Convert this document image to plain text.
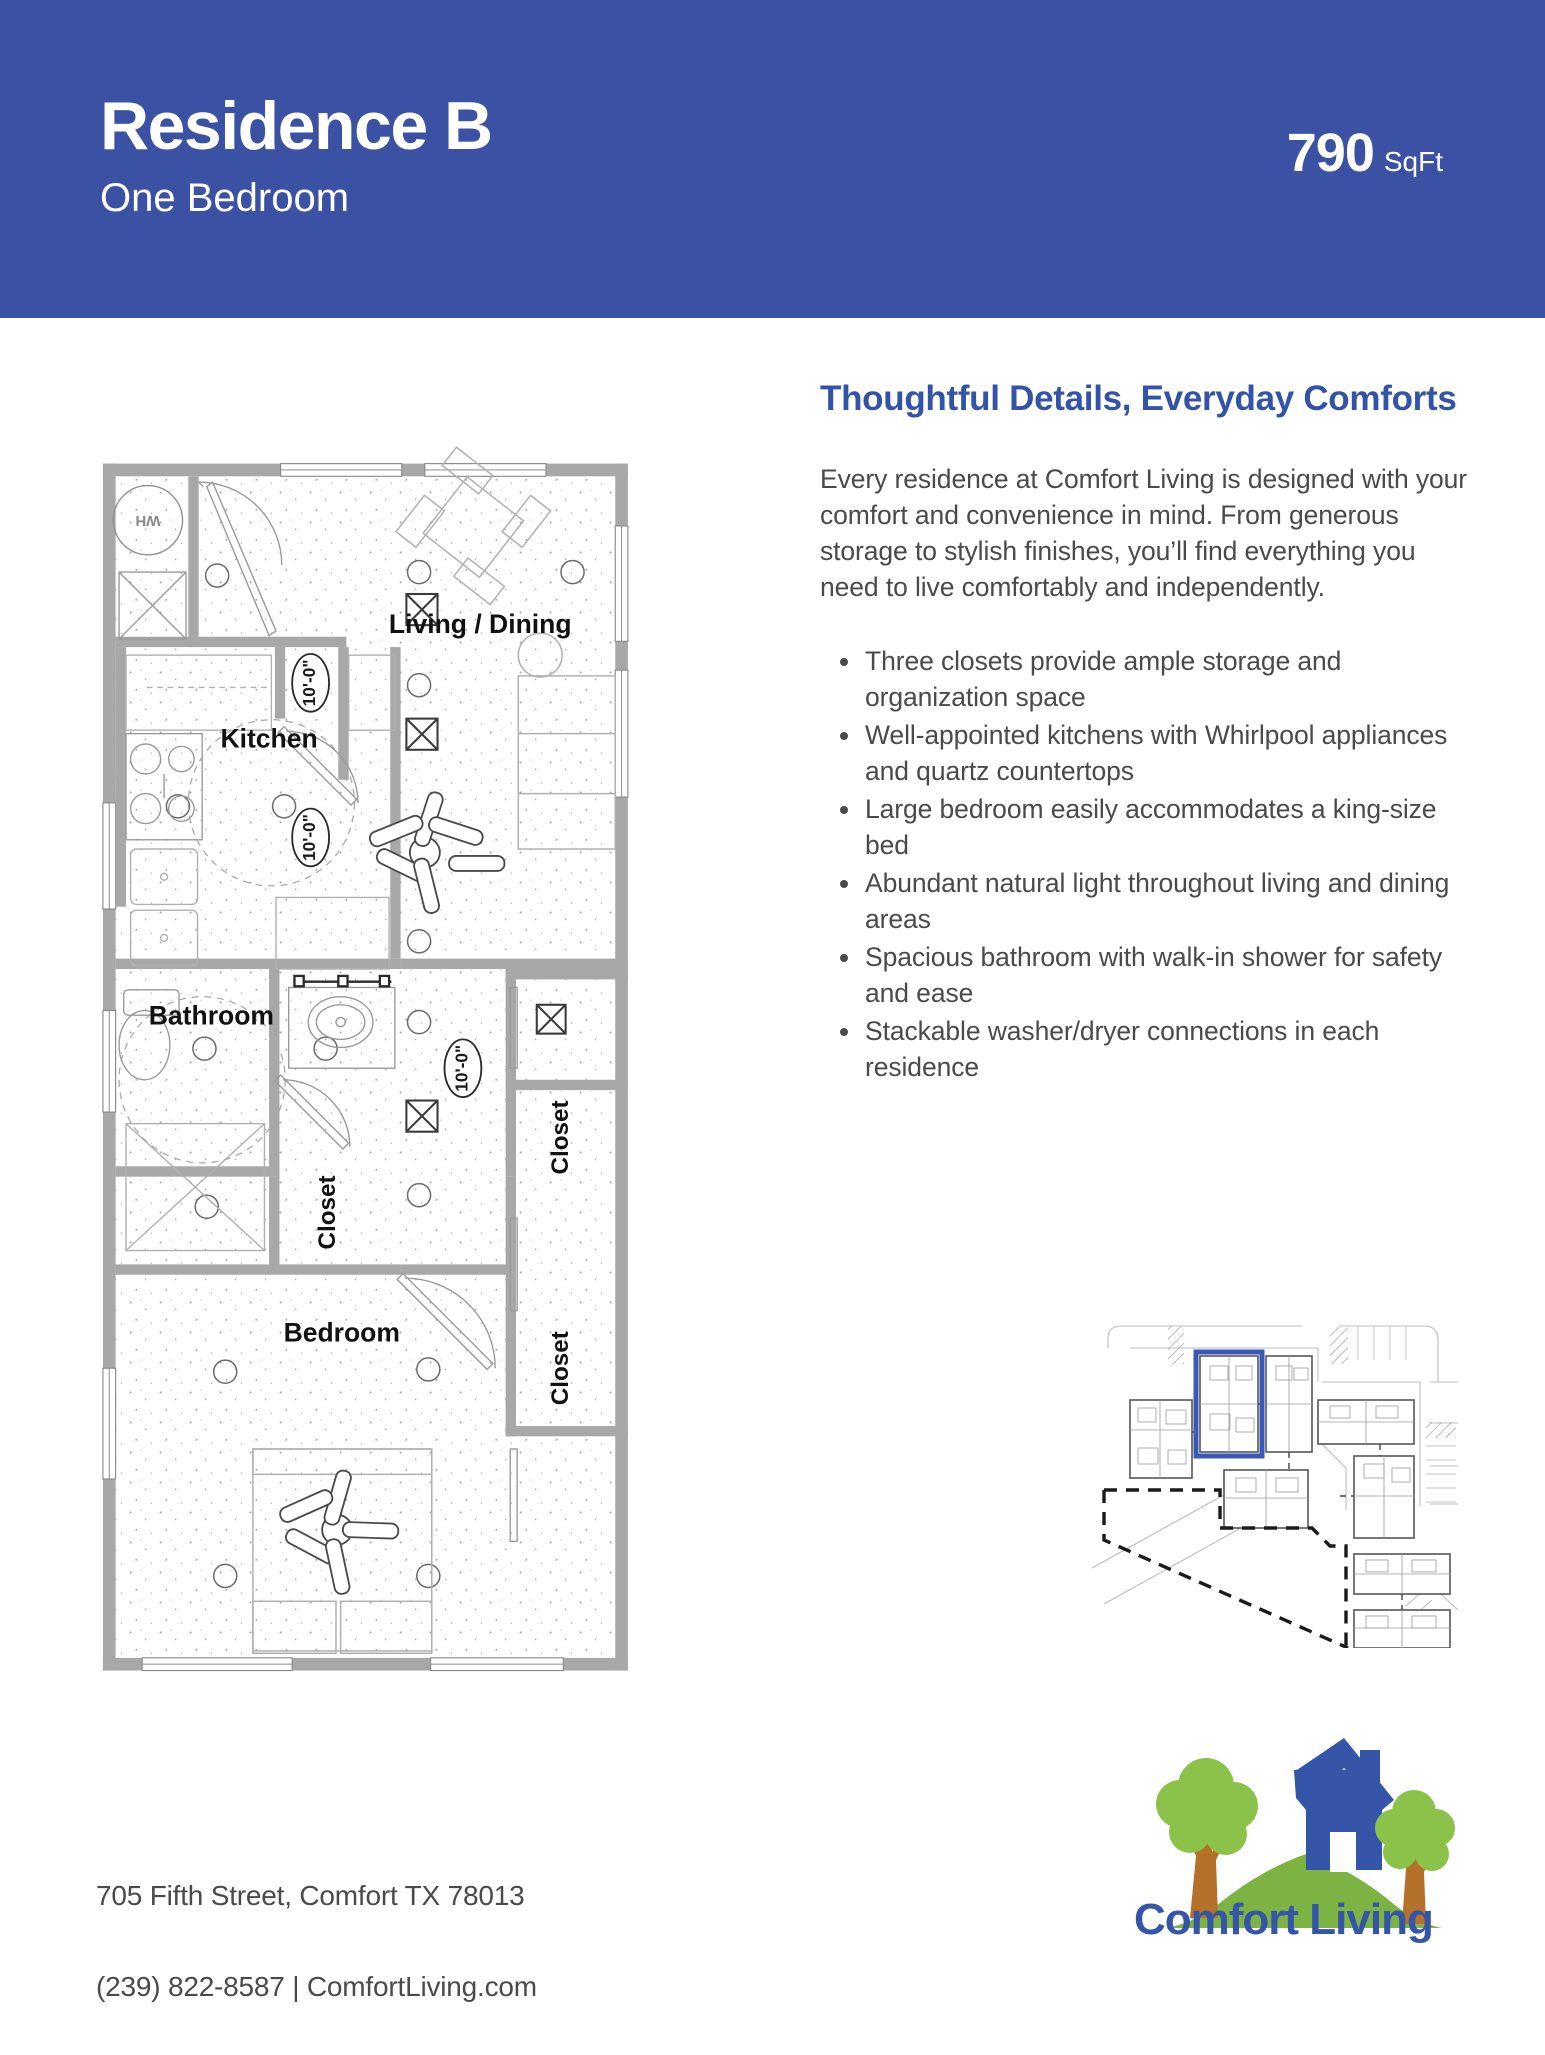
Residence B
One Bedroom
790 SqFt
WH
10'-0"
10'-0"
10'-0"
Living / Dining
Kitchen
Bathroom
Closet
Closet
Closet
Bedroom
Thoughtful Details, Everyday Comforts

Every residence at Comfort Living is designed with your comfort and convenience in mind. From generous storage to stylish finishes, you’ll find everything you need to live comfortably and independently.

Three closets provide ample storage and organization space
Well-appointed kitchens with Whirlpool appliances and quartz countertops
Large bedroom easily accommodates a king-size bed
Abundant natural light throughout living and dining areas
Spacious bathroom with walk-in shower for safety and ease
Stackable washer/dryer connections in each residence

705 Fifth Street, Comfort TX 78013

(239) 822-8587 | ComfortLiving.com

Comfort Living
